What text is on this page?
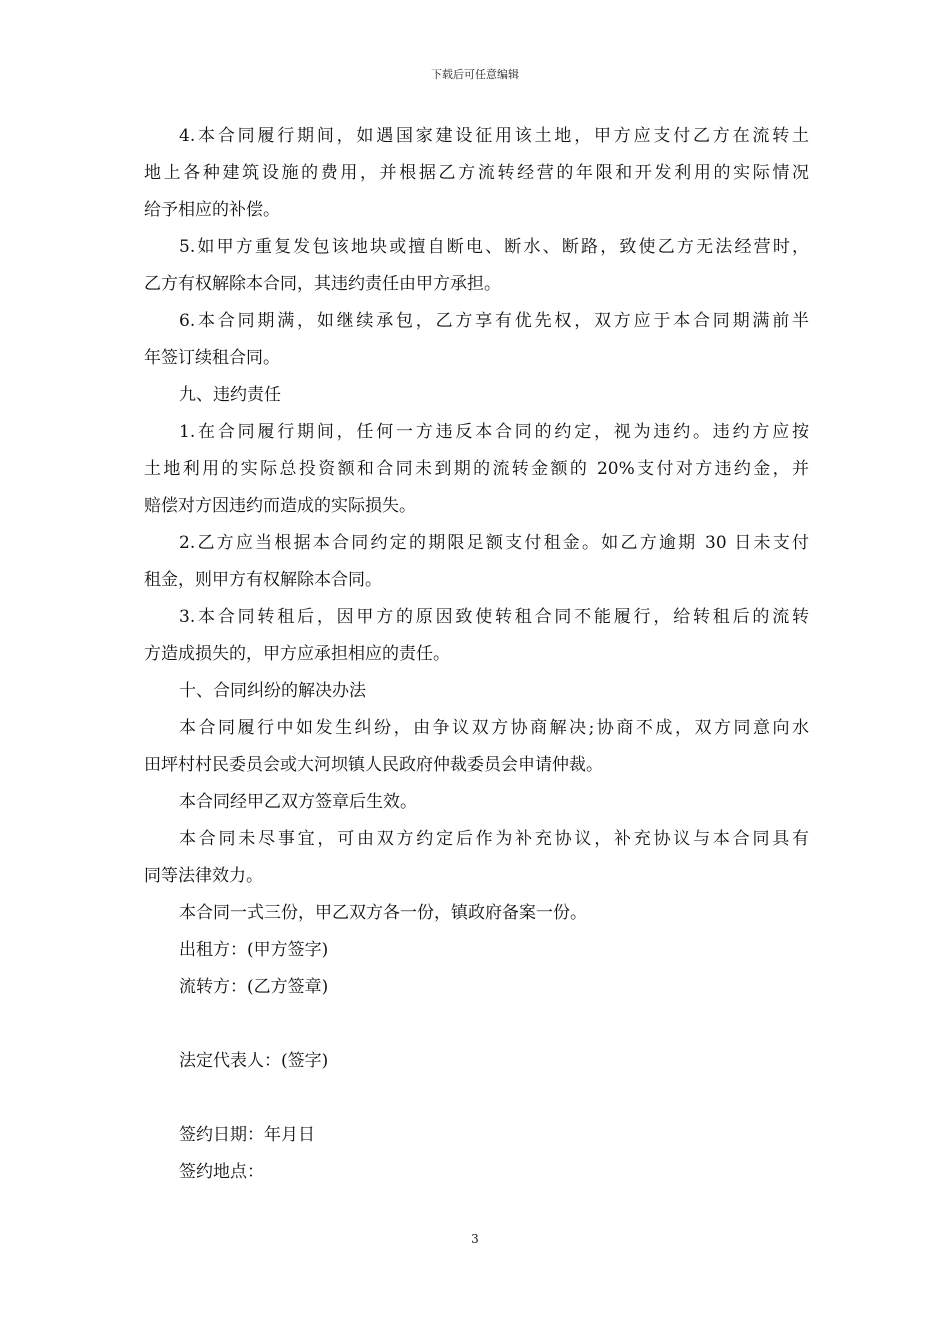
下载后可任意编辑
4.本合同履行期间，如遇国家建设征用该土地，甲方应支付乙方在流转土
地上各种建筑设施的费用，并根据乙方流转经营的年限和开发利用的实际情况
给予相应的补偿。
5.如甲方重复发包该地块或擅自断电、断水、断路，致使乙方无法经营时，
乙方有权解除本合同，其违约责任由甲方承担。
6.本合同期满，如继续承包，乙方享有优先权，双方应于本合同期满前半
年签订续租合同。
九、违约责任
1.在合同履行期间，任何一方违反本合同的约定，视为违约。违约方应按
土地利用的实际总投资额和合同未到期的流转金额的 20%支付对方违约金，并
赔偿对方因违约而造成的实际损失。
2.乙方应当根据本合同约定的期限足额支付租金。如乙方逾期 30 日未支付
租金，则甲方有权解除本合同。
3.本合同转租后，因甲方的原因致使转租合同不能履行，给转租后的流转
方造成损失的，甲方应承担相应的责任。
十、合同纠纷的解决办法
本合同履行中如发生纠纷，由争议双方协商解决;协商不成，双方同意向水
田坪村村民委员会或大河坝镇人民政府仲裁委员会申请仲裁。
本合同经甲乙双方签章后生效。
本合同未尽事宜，可由双方约定后作为补充协议，补充协议与本合同具有
同等法律效力。
本合同一式三份，甲乙双方各一份，镇政府备案一份。
出租方：(甲方签字)
流转方：(乙方签章)
法定代表人：(签字)
签约日期：年月日
签约地点：
3
